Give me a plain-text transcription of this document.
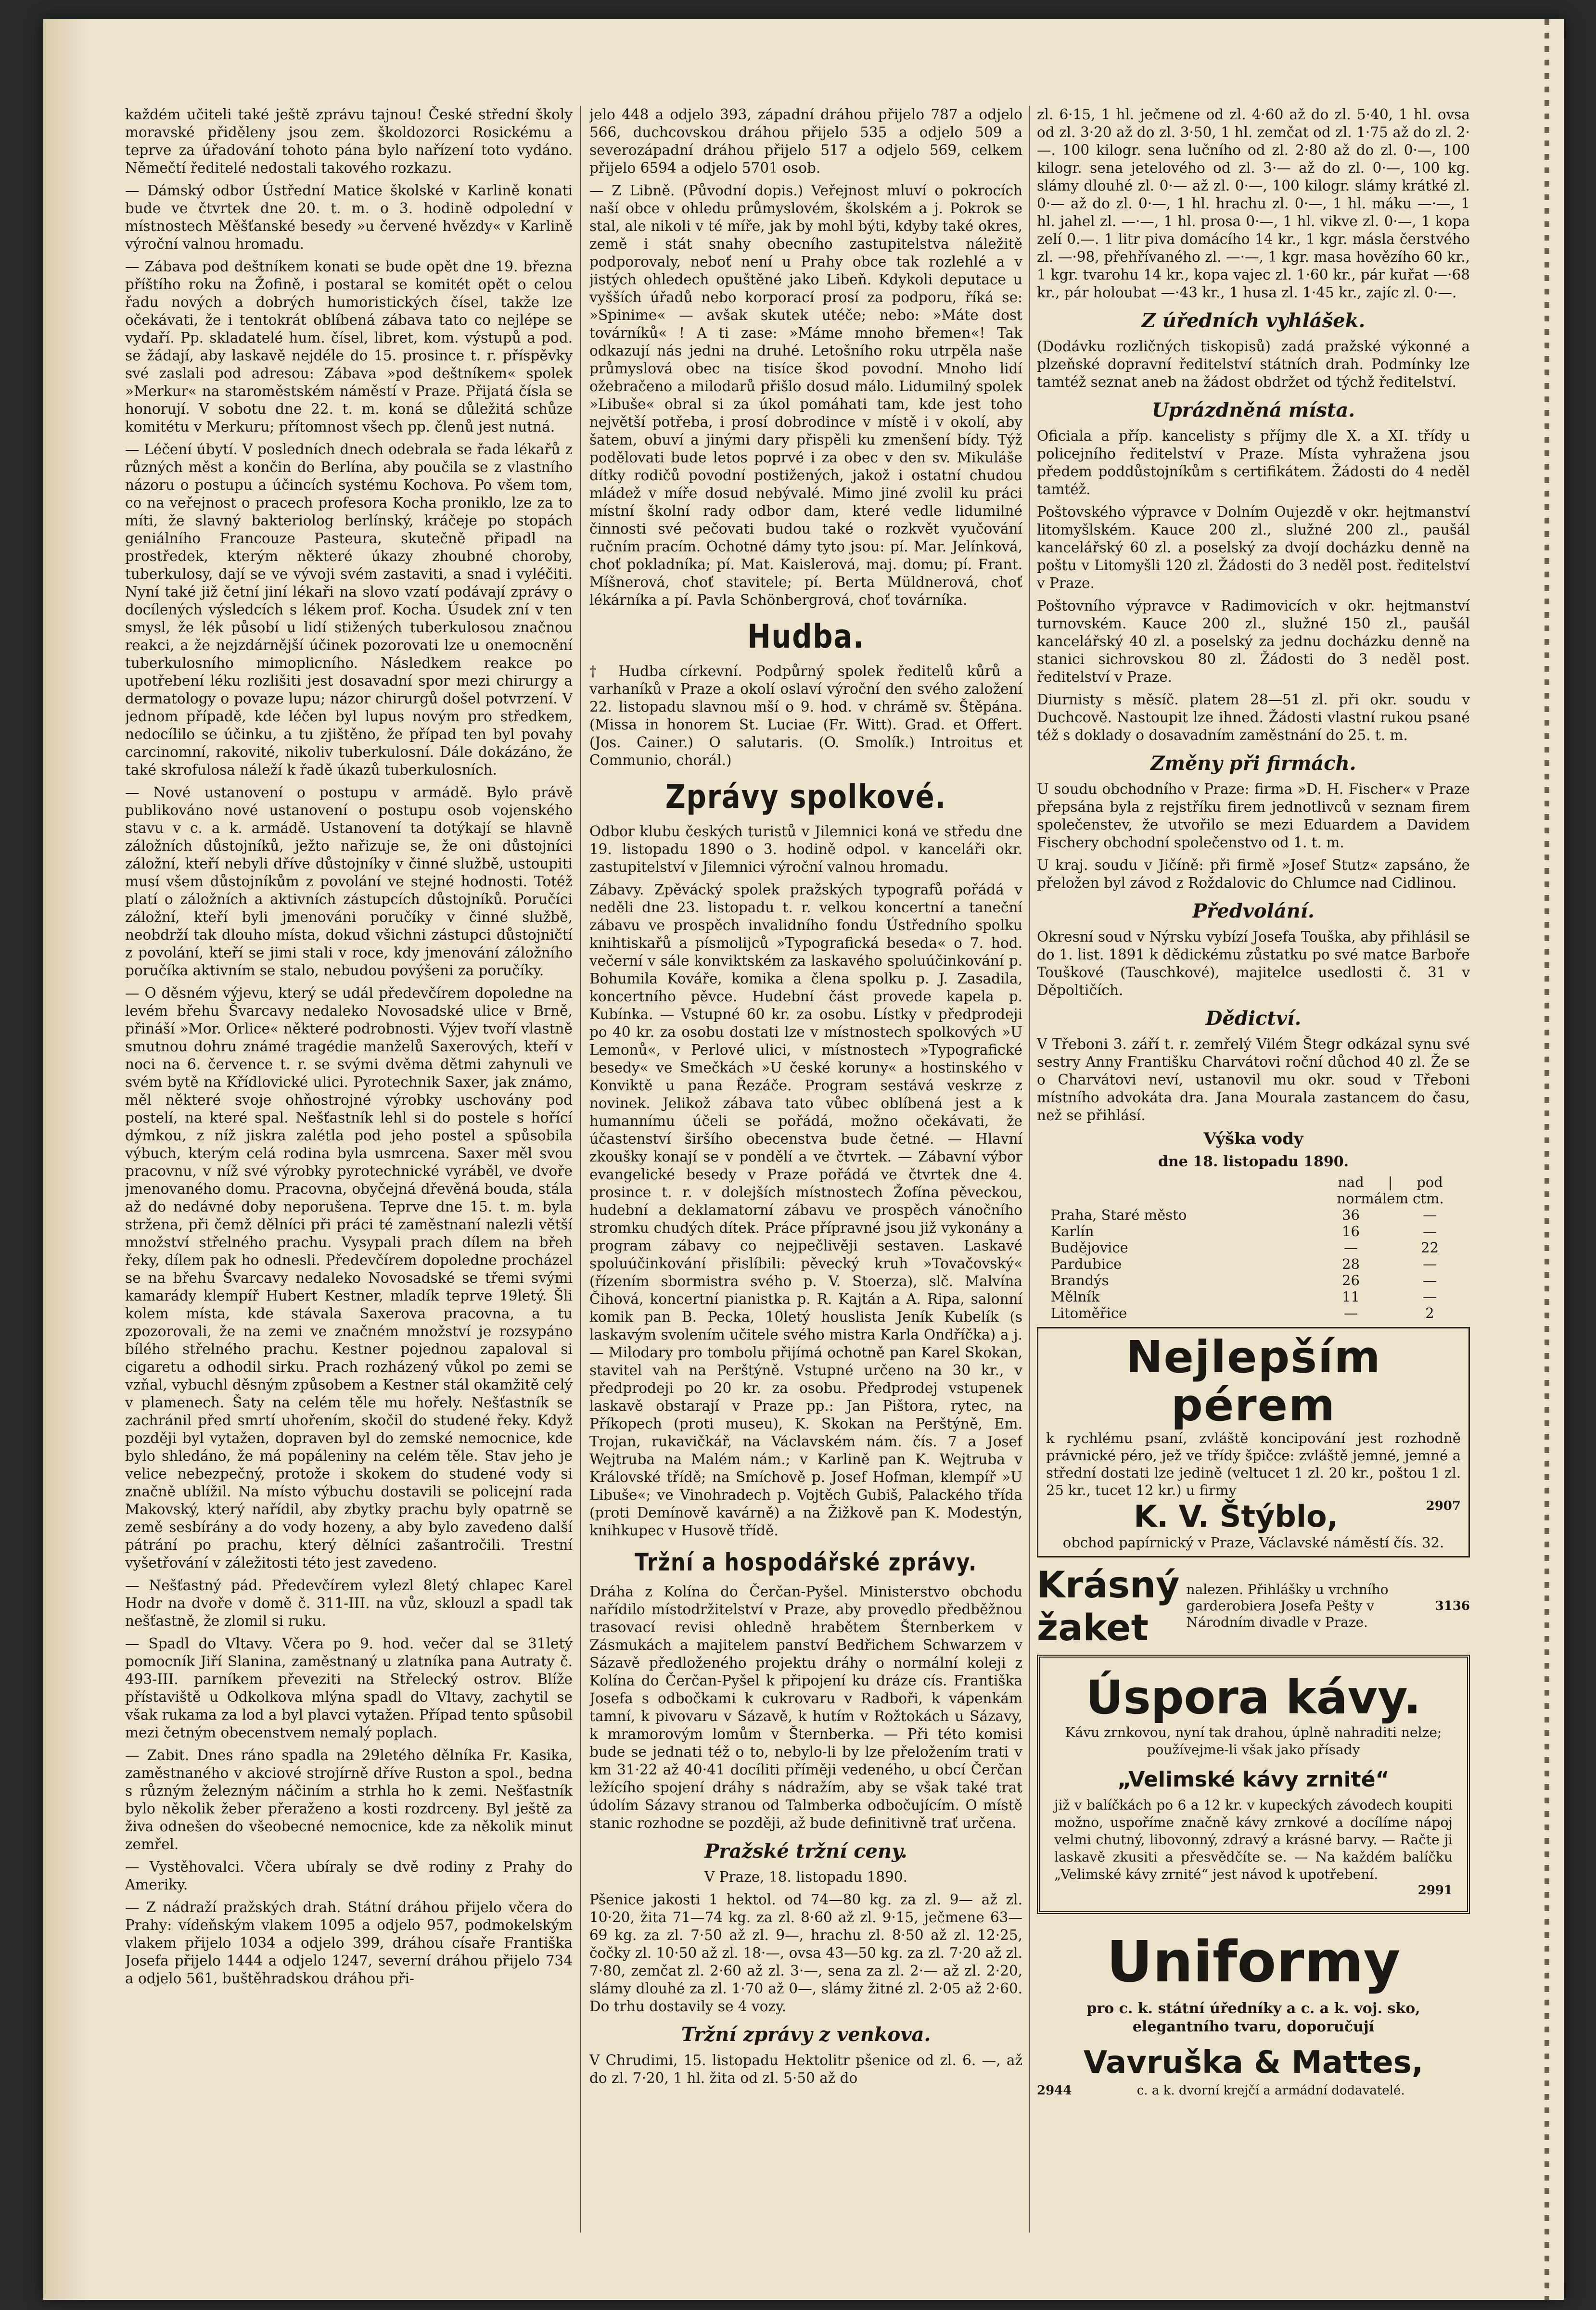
každém učiteli také ještě zprávu tajnou! České střední školy moravské přiděleny jsou zem. školdozorci Rosickému a teprve za úřadování tohoto pána bylo nařízení toto vydáno. Němečtí ředitelé nedostali takového rozkazu.

— Dámský odbor Ústřední Matice školské v Karlině konati bude ve čtvrtek dne 20. t. m. o 3. hodině odpolední v místnostech Měšťanské besedy »u červené hvězdy« v Karlině výroční valnou hromadu.

— Zábava pod deštníkem konati se bude opět dne 19. března příštího roku na Žofině, i postaral se komitét opět o celou řadu nových a dobrých humoristických čísel, takže lze očekávati, že i tentokrát oblíbená zábava tato co nejlépe se vydaří. Pp. skladatelé hum. čísel, libret, kom. výstupů a pod. se žádají, aby laskavě nejdéle do 15. prosince t. r. příspěvky své zaslali pod adresou: Zábava »pod deštníkem« spolek »Merkur« na staroměstském náměstí v Praze. Přijatá čísla se honorují. V sobotu dne 22. t. m. koná se důležitá schůze komitétu v Merkuru; přítomnost všech pp. členů jest nutná.

— Léčení úbytí. V posledních dnech odebrala se řada lékařů z různých měst a končin do Berlína, aby poučila se z vlastního názoru o postupu a účincích systému Kochova. Po všem tom, co na veřejnost o pracech profesora Kocha proniklo, lze za to míti, že slavný bakteriolog berlínský, kráčeje po stopách geniálního Francouze Pasteura, skutečně připadl na prostředek, kterým některé úkazy zhoubné choroby, tuberkulosy, dají se ve vývoji svém zastaviti, a snad i vyléčiti. Nyní také již četní jiní lékaři na slovo vzatí podávají zprávy o docílených výsledcích s lékem prof. Kocha. Úsudek zní v ten smysl, že lék působí u lidí stižených tuberkulosou značnou reakci, a že nejzdárnější účinek pozorovati lze u onemocnění tuberkulosního mimoplicního. Následkem reakce po upotřebení léku rozlišiti jest dosavadní spor mezi chirurgy a dermatology o povaze lupu; názor chirurgů došel potvrzení. V jednom případě, kde léčen byl lupus novým pro středkem, nedocílilo se účinku, a tu zjištěno, že případ ten byl povahy carcinomní, rakovité, nikoliv tuberkulosní. Dále dokázáno, že také skrofulosa náleží k řadě úkazů tuberkulosních.

— Nové ustanovení o postupu v armádě. Bylo právě publikováno nové ustanovení o postupu osob vojenského stavu v c. a k. armádě. Ustanovení ta dotýkají se hlavně záložních důstojníků, ježto nařizuje se, že oni důstojníci záložní, kteří nebyli dříve důstojníky v činné službě, ustoupiti musí všem důstojníkům z povolání ve stejné hodnosti. Totéž platí o záložních a aktivních zástupcích důstojníků. Poručíci záložní, kteří byli jmenováni poručíky v činné službě, neobdrží tak dlouho místa, dokud všichni zástupci důstojničtí z povolání, kteří se jimi stali v roce, kdy jmenování záložního poručíka aktivním se stalo, nebudou povýšeni za poručíky.

— O děsném výjevu, který se udál předevčírem dopoledne na levém břehu Švarcavy nedaleko Novosadské ulice v Brně, přináší »Mor. Orlice« některé podrobnosti. Výjev tvoří vlastně smutnou dohru známé tragédie manželů Saxerových, kteří v noci na 6. července t. r. se svými dvěma dětmi zahynuli ve svém bytě na Křídlovické ulici. Pyrotechnik Saxer, jak známo, měl některé svoje ohňostrojné výrobky uschovány pod postelí, na které spal. Nešťastník lehl si do postele s hořící dýmkou, z níž jiskra zalétla pod jeho postel a spůsobila výbuch, kterým celá rodina byla usmrcena. Saxer měl svou pracovnu, v níž své výrobky pyrotechnické vyráběl, ve dvoře jmenovaného domu. Pracovna, obyčejná dřevěná bouda, stála až do nedávné doby neporušena. Teprve dne 15. t. m. byla stržena, při čemž dělníci při práci té zaměstnaní nalezli větší množství střelného prachu. Vysypali prach dílem na břeh řeky, dílem pak ho odnesli. Předevčírem dopoledne procházel se na břehu Švarcavy nedaleko Novosadské se třemi svými kamarády klempíř Hubert Kestner, mladík teprve 19letý. Šli kolem místa, kde stávala Saxerova pracovna, a tu zpozorovali, že na zemi ve značném množství je rozsypáno bílého střelného prachu. Kestner pojednou zapaloval si cigaretu a odhodil sirku. Prach rozházený vůkol po zemi se vzňal, vybuchl děsným způsobem a Kestner stál okamžitě celý v plamenech. Šaty na celém těle mu hořely. Nešťastník se zachránil před smrtí uhořením, skočil do studené řeky. Když později byl vytažen, dopraven byl do zemské nemocnice, kde bylo shledáno, že má popáleniny na celém těle. Stav jeho je velice nebezpečný, protože i skokem do studené vody si značně ublížil. Na místo výbuchu dostavili se policejní rada Makovský, který nařídil, aby zbytky prachu byly opatrně se země sesbírány a do vody hozeny, a aby bylo zavedeno další pátrání po prachu, který dělníci zašantročili. Trestní vyšetřování v záležitosti této jest zavedeno.

— Nešťastný pád. Předevčírem vylezl 8letý chlapec Karel Hodr na dvoře v domě č. 311-III. na vůz, sklouzl a spadl tak nešťastně, že zlomil si ruku.

— Spadl do Vltavy. Včera po 9. hod. večer dal se 31letý pomocník Jiří Slanina, zaměstnaný u zlatníka pana Autraty č. 493-III. parníkem převeziti na Střelecký ostrov. Blíže přístaviště u Odkolkova mlýna spadl do Vltavy, zachytil se však rukama za lod a byl plavci vytažen. Případ tento spůsobil mezi četným obecenstvem nemalý poplach.

— Zabit. Dnes ráno spadla na 29letého dělníka Fr. Kasika, zaměstnaného v akciové strojírně dříve Ruston a spol., bedna s různým železným náčiním a strhla ho k zemi. Nešťastník bylo několik žeber přeraženo a kosti rozdrceny. Byl ještě za živa odnešen do všeobecné nemocnice, kde za několik minut zemřel.

— Vystěhovalci. Včera ubíraly se dvě rodiny z Prahy do Ameriky.

— Z nádraží pražských drah. Státní dráhou přijelo včera do Prahy: vídeňským vlakem 1095 a odjelo 957, podmokelským vlakem přijelo 1034 a odjelo 399, dráhou císaře Františka Josefa přijelo 1444 a odjelo 1247, severní dráhou přijelo 734 a odjelo 561, buštěhradskou dráhou při-

jelo 448 a odjelo 393, západní dráhou přijelo 787 a odjelo 566, duchcovskou dráhou přijelo 535 a odjelo 509 a severozápadní dráhou přijelo 517 a odjelo 569, celkem přijelo 6594 a odjelo 5701 osob.

— Z Libně. (Původní dopis.) Veřejnost mluví o pokrocích naší obce v ohledu průmyslovém, školském a j. Pokrok se stal, ale nikoli v té míře, jak by mohl býti, kdyby také okres, země i stát snahy obecního zastupitelstva náležitě podporovaly, neboť není u Prahy obce tak rozlehlé a v jistých ohledech opuštěné jako Libeň. Kdykoli deputace u vyšších úřadů nebo korporací prosí za podporu, říká se: »Spinime« — avšak skutek utéče; nebo: »Máte dost továrníků« ! A ti zase: »Máme mnoho břemen«! Tak odkazují nás jedni na druhé. Letošního roku utrpěla naše průmyslová obec na tisíce škod povodní. Mnoho lidí ožebračeno a milodarů přišlo dosud málo. Lidumilný spolek »Libuše« obral si za úkol pomáhati tam, kde jest toho největší potřeba, i prosí dobrodince v místě i v okolí, aby šatem, obuví a jinými dary přispěli ku zmenšení bídy. Týž podělovati bude letos poprvé i za obec v den sv. Mikuláše dítky rodičů povodní postižených, jakož i ostatní chudou mládež v míře dosud nebývalé. Mimo jiné zvolil ku práci místní školní rady odbor dam, které vedle lidumilné činnosti své pečovati budou také o rozkvět vyučování ručním pracím. Ochotné dámy tyto jsou: pí. Mar. Jelínková, choť pokladníka; pí. Mat. Kaislerová, maj. domu; pí. Frant. Míšnerová, choť stavitele; pí. Berta Müldnerová, choť lékárníka a pí. Pavla Schönbergrová, choť továrníka.

Hudba.

† Hudba církevní. Podpůrný spolek ředitelů kůrů a varhaníků v Praze a okolí oslaví výroční den svého založení 22. listopadu slavnou mší o 9. hod. v chrámě sv. Štěpána. (Missa in honorem St. Luciae (Fr. Witt). Grad. et Offert. (Jos. Cainer.) O salutaris. (O. Smolík.) Introitus et Communio, chorál.)

Zprávy spolkové.

Odbor klubu českých turistů v Jilemnici koná ve středu dne 19. listopadu 1890 o 3. hodině odpol. v kanceláři okr. zastupitelství v Jilemnici výroční valnou hromadu.

Zábavy. Zpěvácký spolek pražských typografů pořádá v neděli dne 23. listopadu t. r. velkou koncertní a taneční zábavu ve prospěch invalidního fondu Ústředního spolku knihtiskařů a písmolijců »Typografická beseda« o 7. hod. večerní v sále konviktském za laskavého spoluúčinkování p. Bohumila Kováře, komika a člena spolku p. J. Zasadila, koncertního pěvce. Hudební část provede kapela p. Kubínka. — Vstupné 60 kr. za osobu. Lístky v předprodeji po 40 kr. za osobu dostati lze v místnostech spolkových »U Lemonů«, v Perlové ulici, v místnostech »Typografické besedy« ve Smečkách »U české koruny« a hostinského v Konviktě u pana Řezáče. Program sestává veskrze z novinek. Jelikož zábava tato vůbec oblíbená jest a k humannímu účeli se pořádá, možno očekávati, že účastenství širšího obecenstva bude četné. — Hlavní zkoušky konají se v pondělí a ve čtvrtek. — Zábavní výbor evangelické besedy v Praze pořádá ve čtvrtek dne 4. prosince t. r. v dolejších místnostech Žofína pěveckou, hudební a deklamatorní zábavu ve prospěch vánočního stromku chudých dítek. Práce přípravné jsou již vykonány a program zábavy co nejpečlivěji sestaven. Laskavé spoluúčinkování přislíbili: pěvecký kruh »Tovačovský« (řízením sbormistra svého p. V. Stoerza), slč. Malvína Čihová, koncertní pianistka p. R. Kajtán a A. Ripa, salonní komik pan B. Pecka, 10letý houslista Jeník Kubelík (s laskavým svolením učitele svého mistra Karla Ondříčka) a j. — Milodary pro tombolu přijímá ochotně pan Karel Skokan, stavitel vah na Perštýně. Vstupné určeno na 30 kr., v předprodeji po 20 kr. za osobu. Předprodej vstupenek laskavě obstarají v Praze pp.: Jan Pištora, rytec, na Příkopech (proti museu), K. Skokan na Perštýně, Em. Trojan, rukavičkář, na Václavském nám. čís. 7 a Josef Wejtruba na Malém nám.; v Karlině pan K. Wejtruba v Královské třídě; na Smíchově p. Josef Hofman, klempíř »U Libuše«; ve Vinohradech p. Vojtěch Gubiš, Palackého třída (proti Demínově kavárně) a na Žižkově pan K. Modestýn, knihkupec v Husově třídě.

Tržní a hospodářské zprávy.

Dráha z Kolína do Čerčan-Pyšel. Ministerstvo obchodu nařídilo místodržitelství v Praze, aby provedlo předběžnou trasovací revisi ohledně hrabětem Šternberkem v Zásmukách a majitelem panství Bedřichem Schwarzem v Sázavě předloženého projektu dráhy o normální koleji z Kolína do Čerčan-Pyšel k připojení ku dráze cís. Františka Josefa s odbočkami k cukrovaru v Radboři, k vápenkám tamní, k pivovaru v Sázavě, k hutím v Rožtokách u Sázavy, k mramorovým lomům v Šternberka. — Při této komisi bude se jednati též o to, nebylo-li by lze přeložením trati v km 31·22 až 40·41 docíliti příměji vedeného, u obcí Čerčan ležícího spojení dráhy s nádražím, aby se však také trat údolím Sázavy stranou od Talmberka odbočujícím. O místě stanic rozhodne se později, až bude definitivně trať určena.

Pražské tržní ceny.

V Praze, 18. listopadu 1890.

Pšenice jakosti 1 hektol. od 74—80 kg. za zl. 9— až zl. 10·20, žita 71—74 kg. za zl. 8·60 až zl. 9·15, ječmene 63—69 kg. za zl. 7·50 až zl. 9—, hrachu zl. 8·50 až zl. 12·25, čočky zl. 10·50 až zl. 18·—, ovsa 43—50 kg. za zl. 7·20 až zl. 7·80, zemčat zl. 2·60 až zl. 3·—, sena za zl. 2·— až zl. 2·20, slámy dlouhé za zl. 1·70 až 0—, slámy žitné zl. 2·05 až 2·60. Do trhu dostavily se 4 vozy.

Tržní zprávy z venkova.

V Chrudimi, 15. listopadu Hektolitr pšenice od zl. 6. —, až do zl. 7·20, 1 hl. žita od zl. 5·50 až do

zl. 6·15, 1 hl. ječmene od zl. 4·60 až do zl. 5·40, 1 hl. ovsa od zl. 3·20 až do zl. 3·50, 1 hl. zemčat od zl. 1·75 až do zl. 2·—. 100 kilogr. sena lučního od zl. 2·80 až do zl. 0·—, 100 kilogr. sena jetelového od zl. 3·— až do zl. 0·—, 100 kg. slámy dlouhé zl. 0·— až zl. 0·—, 100 kilogr. slámy krátké zl. 0·— až do zl. 0·—, 1 hl. hrachu zl. 0·—, 1 hl. máku —·—, 1 hl. jahel zl. —·—, 1 hl. prosa 0·—, 1 hl. vikve zl. 0·—, 1 kopa zelí 0.—. 1 litr piva domácího 14 kr., 1 kgr. másla čerstvého zl. —·98, přehřívaného zl. —·—, 1 kgr. masa hovězího 60 kr., 1 kgr. tvarohu 14 kr., kopa vajec zl. 1·60 kr., pár kuřat —·68 kr., pár holoubat —·43 kr., 1 husa zl. 1·45 kr., zajíc zl. 0·—.

Z úředních vyhlášek.

(Dodávku rozličných tiskopisů) zadá pražské výkonné a plzeňské dopravní ředitelství státních drah. Podmínky lze tamtéž seznat aneb na žádost obdržet od týchž ředitelství.

Uprázdněná místa.

Oficiala a příp. kancelisty s příjmy dle X. a XI. třídy u policejního ředitelství v Praze. Místa vyhražena jsou předem poddůstojníkům s certifikátem. Žádosti do 4 neděl tamtéž.

Poštovského výpravce v Dolním Oujezdě v okr. hejtmanství litomyšlském. Kauce 200 zl., služné 200 zl., paušál kancelářský 60 zl. a poselský za dvojí docházku denně na poštu v Litomyšli 120 zl. Žádosti do 3 neděl post. ředitelství v Praze.

Poštovního výpravce v Radimovicích v okr. hejtmanství turnovském. Kauce 200 zl., služné 150 zl., paušál kancelářský 40 zl. a poselský za jednu docházku denně na stanici sichrovskou 80 zl. Žádosti do 3 neděl post. ředitelství v Praze.

Diurnisty s měsíč. platem 28—51 zl. při okr. soudu v Duchcově. Nastoupit lze ihned. Žádosti vlastní rukou psané též s doklady o dosavadním zaměstnání do 25. t. m.

Změny při firmách.

U soudu obchodního v Praze: firma »D. H. Fischer« v Praze přepsána byla z rejstříku firem jednotlivců v seznam firem společenstev, že utvořilo se mezi Eduardem a Davidem Fischery obchodní společenstvo od 1. t. m.

U kraj. soudu v Jičíně: při firmě »Josef Stutz« zapsáno, že přeložen byl závod z Roždalovic do Chlumce nad Cidlinou.

Předvolání.

Okresní soud v Nýrsku vybízí Josefa Touška, aby přihlásil se do 1. list. 1891 k dědickému zůstatku po své matce Barboře Touškové (Tauschkové), majitelce usedlosti č. 31 v Děpoltičích.

Dědictví.

V Třeboni 3. září t. r. zemřelý Vilém Štegr odkázal synu své sestry Anny Františku Charvátovi roční důchod 40 zl. Že se o Charvátovi neví, ustanovil mu okr. soud v Třeboni místního advokáta dra. Jana Mourala zastancem do času, než se přihlásí.

Výška vody
dne 18. listopadu 1890.
	nad	|	pod
	normálem ctm.		
Praha, Staré město	36		—
Karlín	16		—
Budějovice	—		22
Pardubice	28		—
Brandýs	26		—
Mělník	11		—
Litoměřice	—		2
Nejlepším pérem
k rychlému psaní, zvláště koncipování jest rozhodně právnické péro, jež ve třídy špičce: zvláště jemné, jemné a střední dostati lze jedině (veltucet 1 zl. 20 kr., poštou 1 zl. 25 kr., tucet 12 kr.) u firmy
2907
K. V. Štýblo,
obchod papírnický v Praze, Václavské náměstí čís. 32.
Krásný žaket
nalezen. Přihlášky u vrchního garderobiera Josefa Pešty v Národním divadle v Praze.
3136
Úspora kávy.
Kávu zrnkovou, nyní tak drahou, úplně nahraditi nelze; používejme-li však jako přísady
„Velimské kávy zrnité“
již v balíčkách po 6 a 12 kr. v kupeckých závodech koupiti možno, uspoříme značně kávy zrnkové a docílíme nápoj velmi chutný, libovonný, zdravý a krásné barvy. — Račte ji laskavě zkusiti a přesvědčíte se. — Na každém balíčku „Velimské kávy zrnité“ jest návod k upotřebení.
2991
Uniformy
pro c. k. státní úředníky a c. a k. voj. sko, elegantního tvaru, doporučují
Vavruška & Mattes,
2944	c. a k. dvorní krejčí a armádní dodavatelé.
